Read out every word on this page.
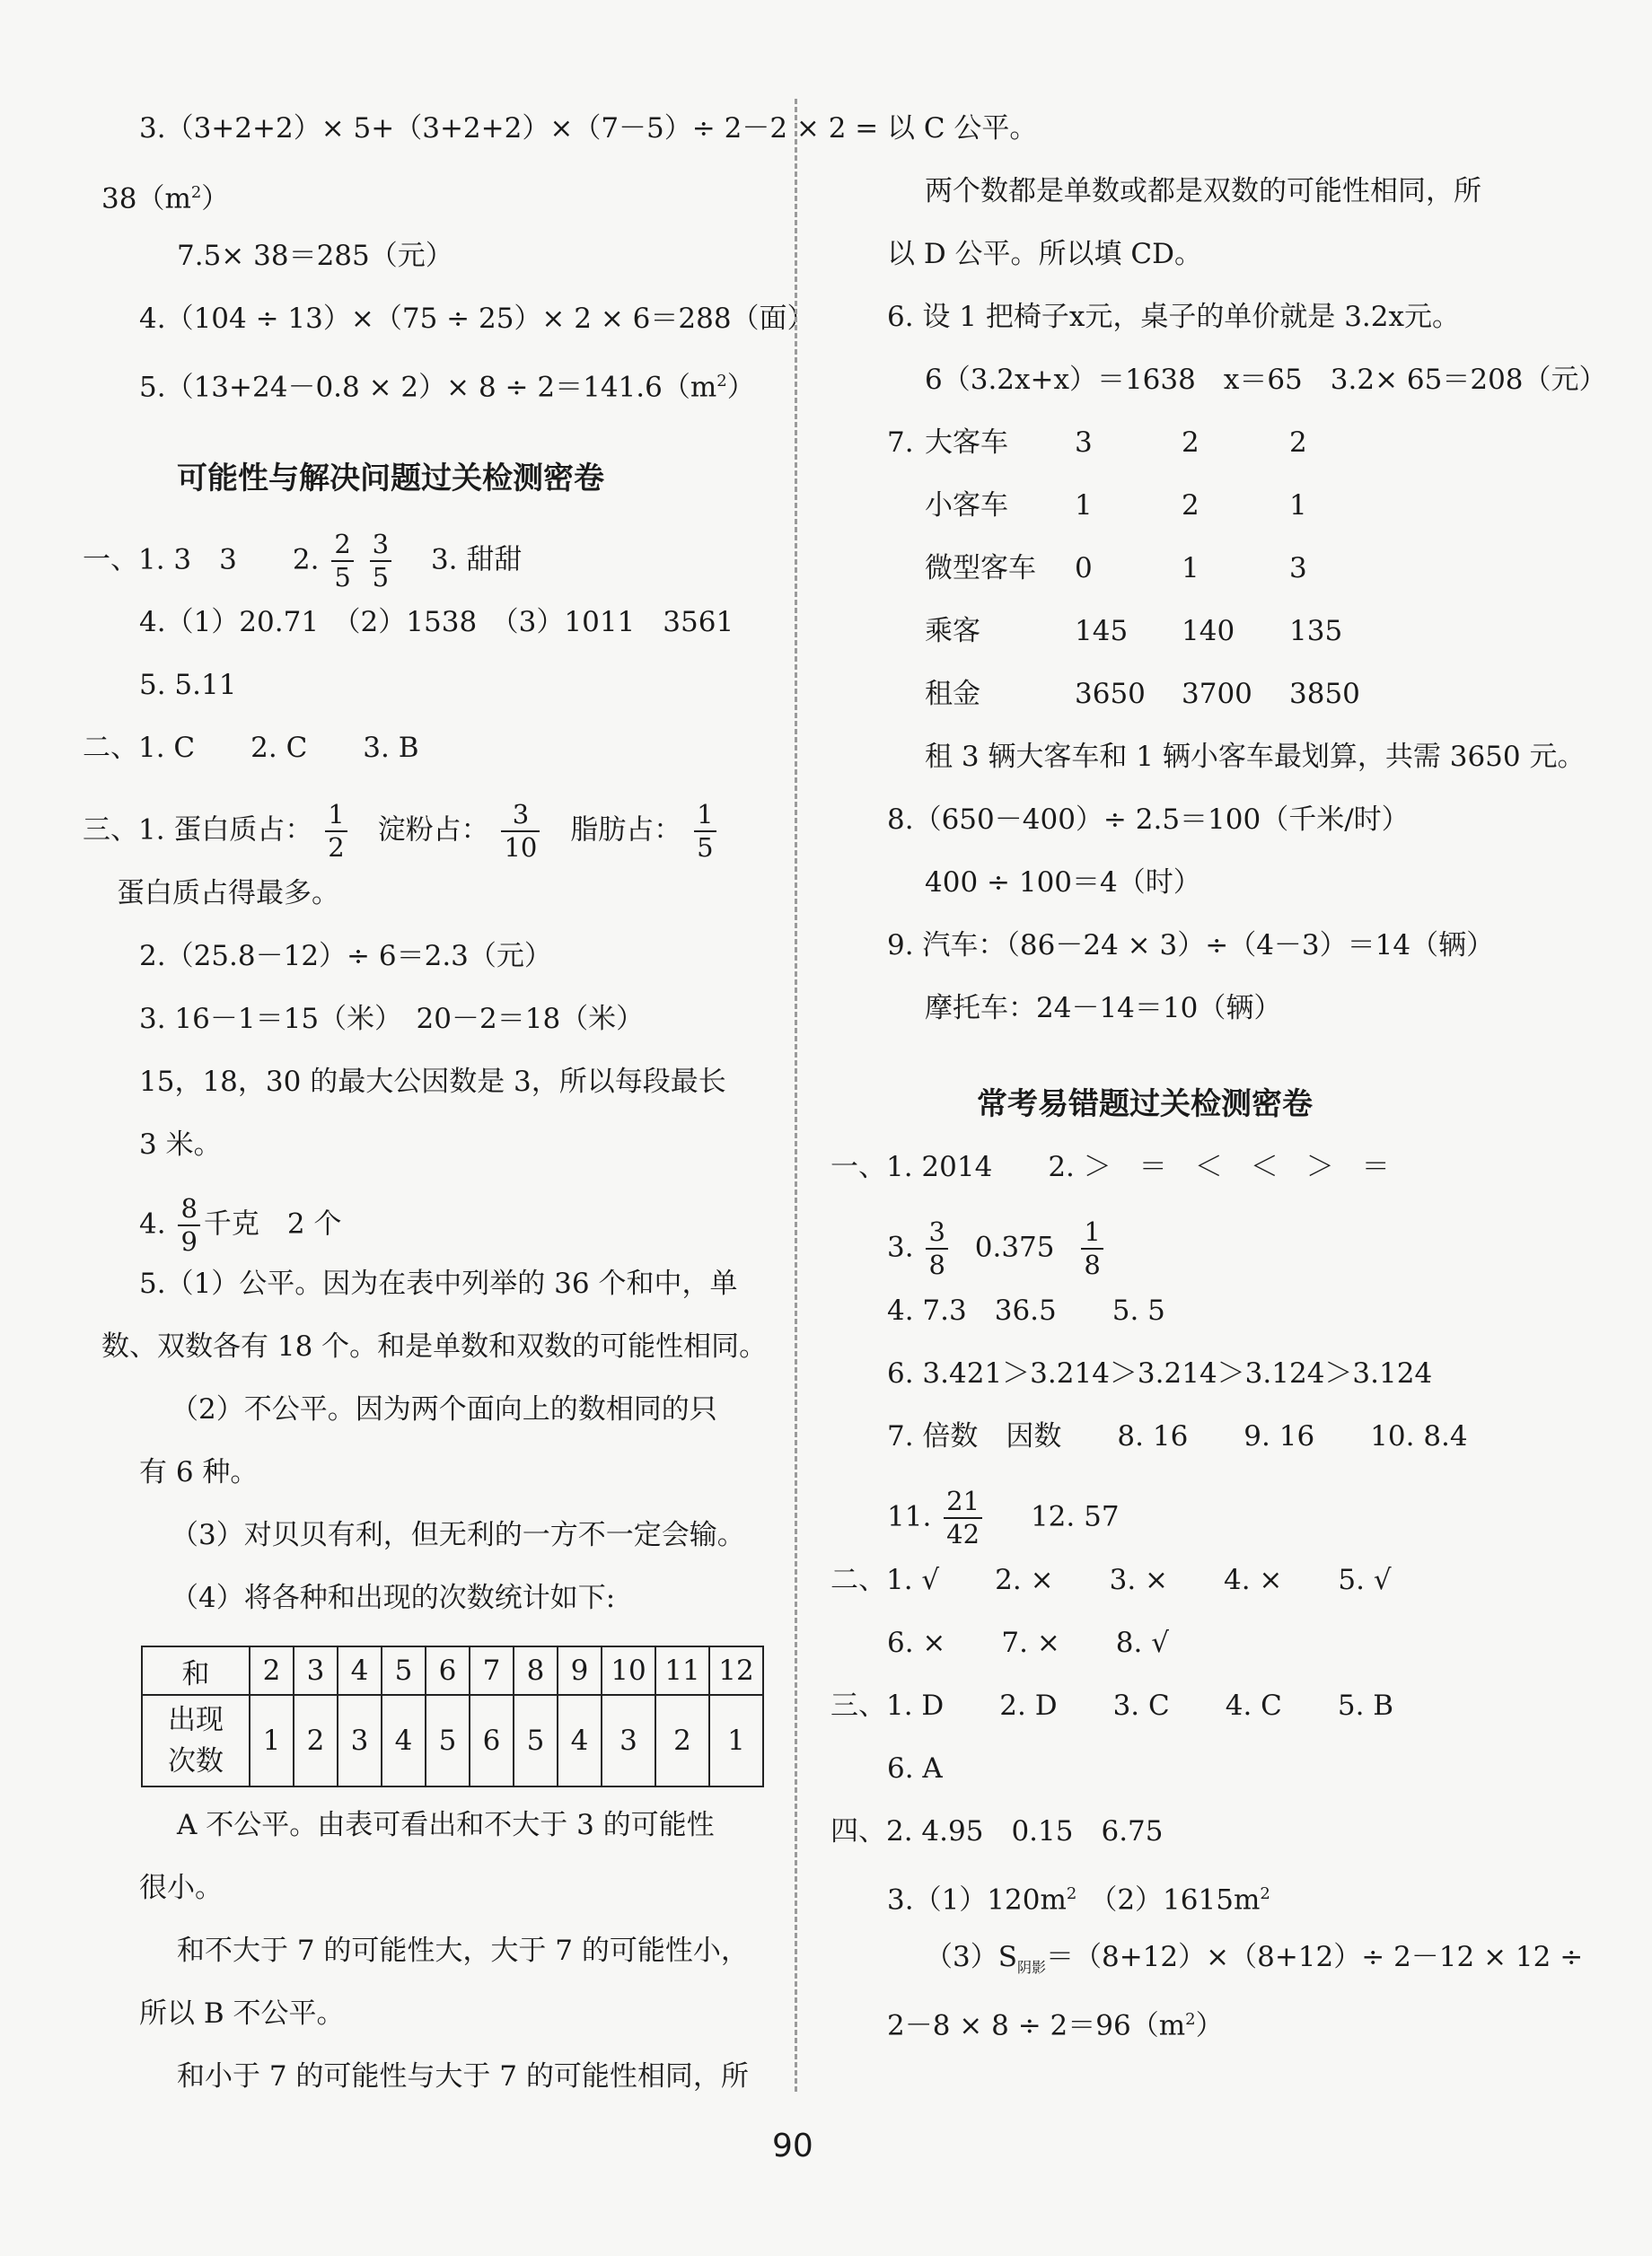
3.（3+2+2）× 5+（3+2+2）×（7－5）÷ 2－2 × 2 =
$38(m^2)$
7.5× 38＝285（元）
4.（104 ÷ 13）×（75 ÷ 25）× 2 × 6＝288（面）
$5.(13+24-0.8 \times 2)\times 8 \div 2=141.6(m^2)$
可能性与解决问题过关检测密卷
一、1. 3　3　　2. $\frac{2}{5}$
$\frac{3}{5} 3$. 甜甜
4.（1）20.71　（2）1538　（3）1011　3561
5. 5.11
二、1. C　　2. C　　3. B
三、1. 蛋白质占： $\frac{1}{2}$ 淀粉占： $\frac{3}{10}$ 脂肪占： $\frac{1}{5}$
蛋白质占得最多。
2.（25.8－12）÷ 6＝2.3（元）
3. 16－1＝15（米）　20－2＝18（米）
15，18，30 的最大公因数是 3，所以每段最长
3 米。
4. $\frac{8}{9}$ 千克　2 个
5.（1）公平。因为在表中列举的 36 个和中，单
数、双数各有 18 个。和是单数和双数的可能性相同。
（2）不公平。因为两个面向上的数相同的只
有 6 种。
（3）对贝贝有利，但无利的一方不一定会输。
（4）将各种和出现的次数统计如下:
和	2	3	4	5	6	7	8	9	10	11	12
出现
次数	1	2	3	4	5	6	5	4	3	2	1
A 不公平。由表可看出和不大于 3 的可能性
很小。
和不大于 7 的可能性大，大于 7 的可能性小，
所以 B 不公平。
和小于 7 的可能性与大于 7 的可能性相同，所
以 C 公平。
两个数都是单数或都是双数的可能性相同，所
以 D 公平。所以填 CD。
6. 设 1 把椅子x元，桌子的单价就是 3.2x元。
6（3.2x+x）＝1638　x＝65　3.2× 65＝208（元）
7. 大客车 3	2	2
小客车 1	2	1
微型客车 0	1	3
乘客	145 140 135
租金	3650 3700 3850
租 3 辆大客车和 1 辆小客车最划算，共需 3650 元。
8.（650－400）÷ 2.5＝100（千米/时）
400 ÷ 100＝4（时）
9. 汽车：（86－24 × 3）÷（4－3）＝14（辆）
摩托车：24－14＝10（辆）
常考易错题过关检测密卷
一、1. 2014　　2. ＞　＝　＜　＜　＞　＝
3. $\frac{3}{8} 0.375 \frac{1}{8}$
4. 7.3　36.5　　5. 5
6. 3.421＞3.214＞3.214＞3.124＞3.124
7. 倍数　因数　　8. 16　　9. 16　　10. 8.4
11. $\frac{21}{42} 12$. 57
二、1. √　　2. ×　　3. ×　　4. ×　　5. √
6. ×　　7. ×　　8. √
三、1. D　　2. D　　3. C　　4. C　　5. B
6. A
四、2. 4.95　0.15　6.75
$3.(1)120m^2$ $(2)1615m^2$
$(3)S_{阴影}=(8+12)\times(8+12)\div 2-12 \times 12$ ÷
$2-8 \times 8 \div 2=96(m^2)$
90
